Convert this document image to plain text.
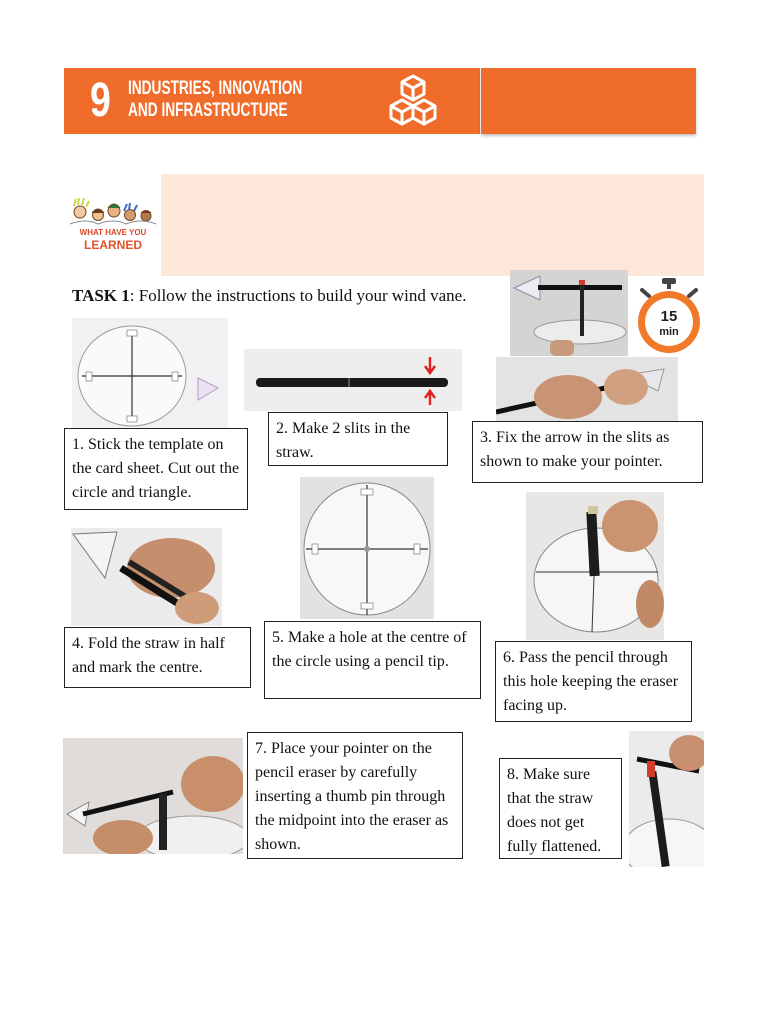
9 INDUSTRIES, INNOVATION
AND INFRASTRUCTURE
WHAT HAVE YOU
LEARNED
TASK 1: Follow the instructions to build your wind vane.
15
min
1. Stick the template on the card sheet. Cut out the circle and triangle.
2. Make 2 slits in the straw.
3. Fix the arrow in the slits as shown to make your pointer.
4. Fold the straw in half and mark the centre.
5. Make a hole at the centre of the circle using a pencil tip.	6. Pass the pencil through this hole keeping the eraser facing up.
7. Place your pointer on the pencil eraser by carefully inserting a thumb pin through the midpoint into the eraser as shown.
8. Make sure that the straw does not get fully flattened.
